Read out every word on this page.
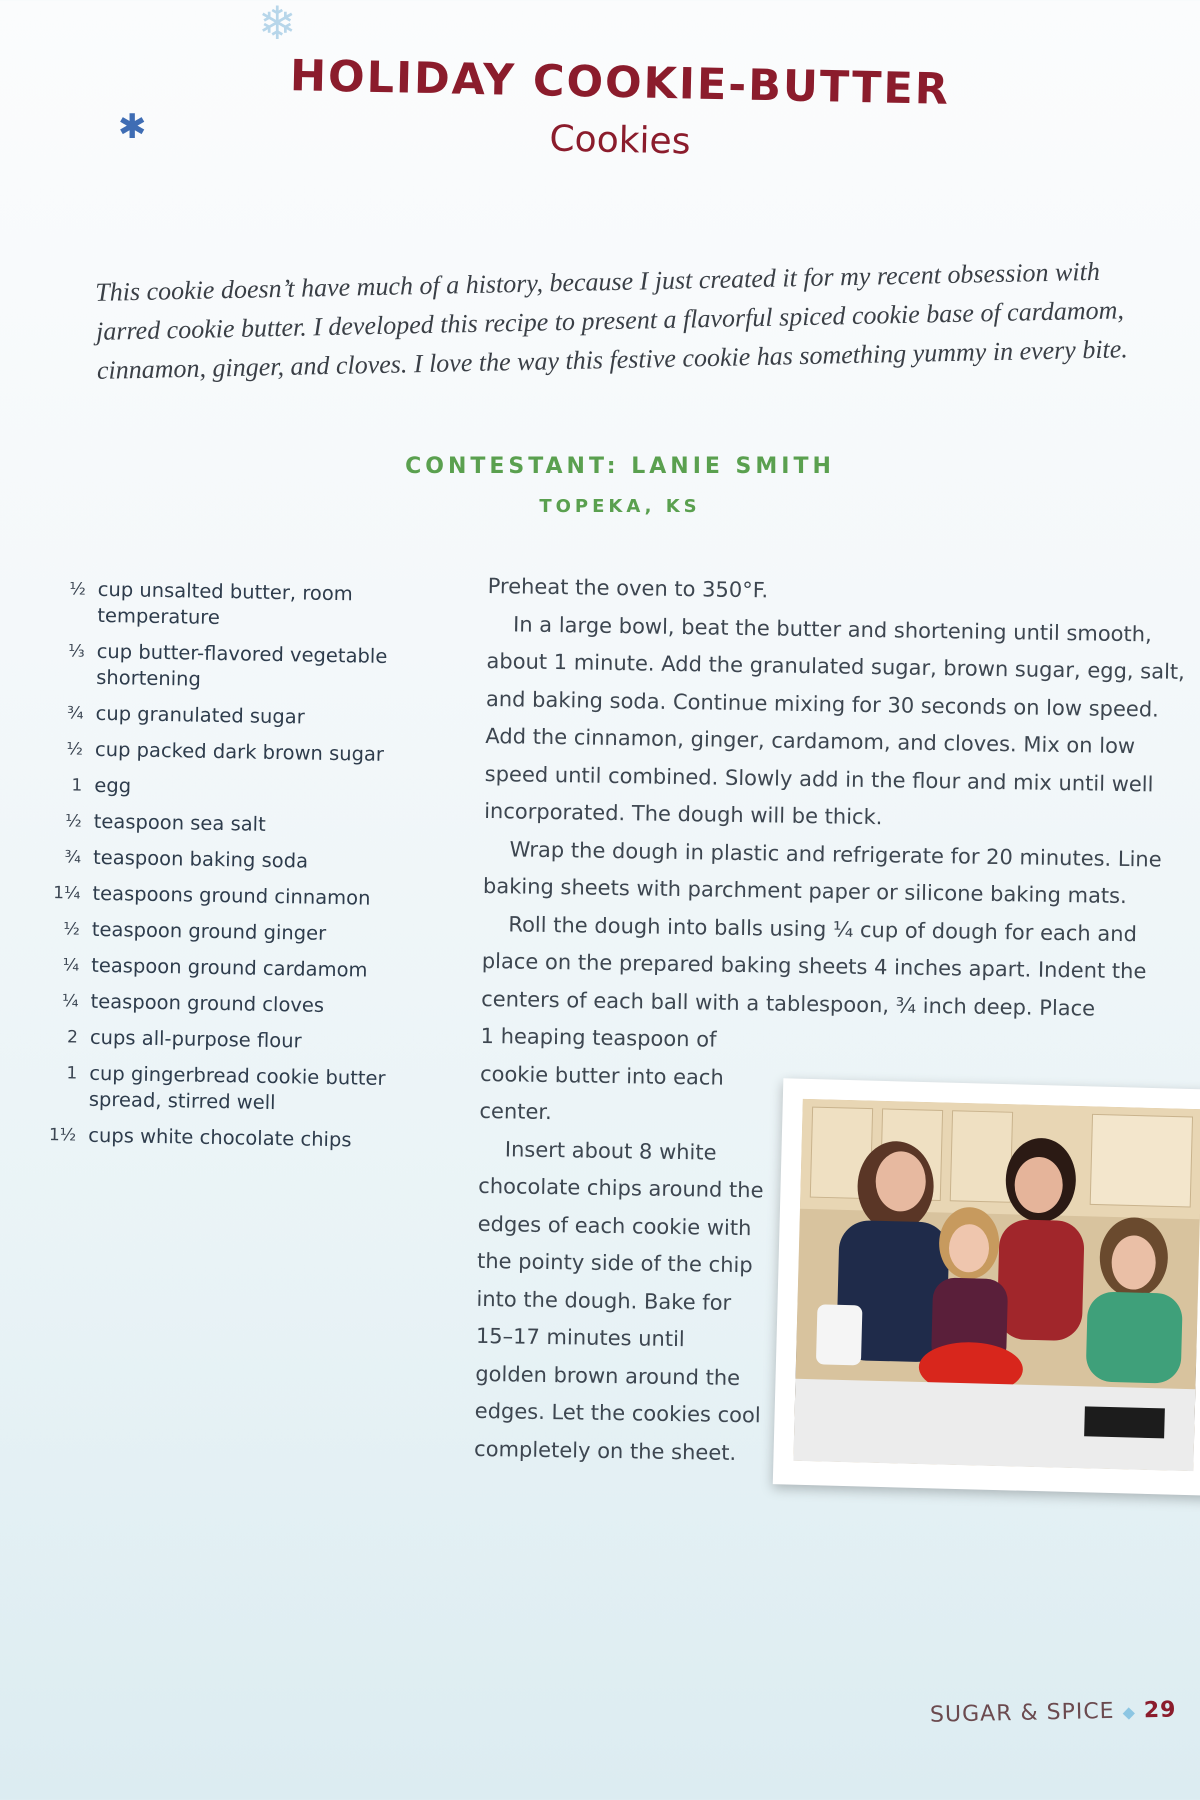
❄
✱
HOLIDAY COOKIE-BUTTER
Cookies
This cookie doesn’t have much of a history, because I just created it for my recent obsession with jarred cookie butter. I developed this recipe to present a flavorful spiced cookie base of cardamom, cinnamon, ginger, and cloves. I love the way this festive cookie has something yummy in every bite.
CONTESTANT: LANIE SMITH
TOPEKA, KS
½ cup unsalted butter, room temperature
⅓ cup butter-flavored vegetable shortening
¾ cup granulated sugar
½ cup packed dark brown sugar
1 egg
½ teaspoon sea salt
¾ teaspoon baking soda
1¼ teaspoons ground cinnamon
½ teaspoon ground ginger
¼ teaspoon ground cardamom
¼ teaspoon ground cloves
2 cups all-purpose flour
1 cup gingerbread cookie butter spread, stirred well
1½ cups white chocolate chips

Preheat the oven to 350°F.

In a large bowl, beat the butter and shortening until smooth, about 1 minute. Add the granulated sugar, brown sugar, egg, salt, and baking soda. Continue mixing for 30 seconds on low speed. Add the cinnamon, ginger, cardamom, and cloves. Mix on low speed until combined. Slowly add in the flour and mix until well incorporated. The dough will be thick.

Wrap the dough in plastic and refrigerate for 20 minutes. Line baking sheets with parchment paper or silicone baking mats.

Roll the dough into balls using ¼ cup of dough for each and place on the prepared baking sheets 4 inches apart. Indent the centers of each ball with a tablespoon, ¾ inch deep. Place

1 heaping teaspoon of cookie butter into each center.

Insert about 8 white chocolate chips around the edges of each cookie with the pointy side of the chip into the dough. Bake for 15–17 minutes until golden brown around the edges. Let the cookies cool completely on the sheet.

SUGAR & SPICE ◆ 29
